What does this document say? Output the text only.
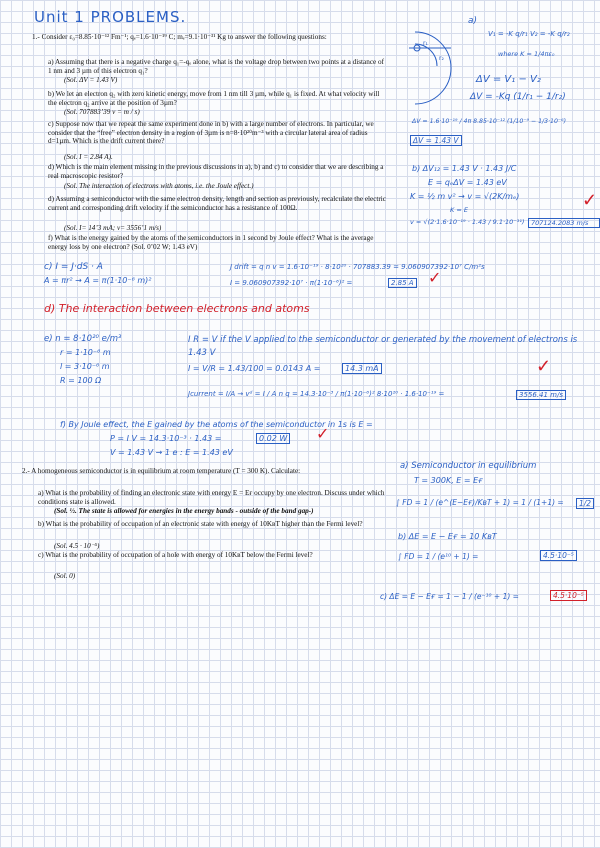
Unit 1 PROBLEMS.
1.- Consider ε₀=8.85·10⁻¹² Fm⁻¹; qₑ=1.6·10⁻¹⁹ C; mₑ=9.1·10⁻³¹ Kg to answer the following questions:
a) Assuming that there is a negative charge q₁=-qₑ alone, what is the voltage drop between two points at a distance of 1 nm and 3 µm of this electron q₁?
(Sol. ΔV = 1.43 V)
b) We let an electron q₂ with zero kinetic energy, move from 1 nm till 3 µm, while q₁ is fixed. At what velocity will the electron q₂ arrive at the position of 3µm?
(Sol. 707883’39 v = m / s)
c) Suppose now that we repeat the same experiment done in b) with a large number of electrons. In particular, we consider that the “free” electron density in a region of 3µm is n=8·10²⁰m⁻³ with a circular lateral area of radius d=1µm. Which is the drift current there?
(Sol. I = 2.84 A).
d) Which is the main element missing in the previous discussions in a), b) and c) to consider that we are describing a real macroscopic resistor?
(Sol. The interaction of electrons with atoms, i.e. the Joule effect.)
d) Assuming a semiconductor with the same electron density, length and section as previously, recalculate the electric current and corresponding drift velocity if the semiconductor has a resistance of 100Ω.
(Sol. I= 14’3 mA; v= 3556’1 m/s)
f) What is the energy gained by the atoms of the semiconductors in 1 second by Joule effect? What is the average energy loss by one electron? (Sol. 0’02 W; 1.43 eV)
a)
r₁
r₂
V₁ = -K q/r₁ V₂ = -K q/r₂
where K = 1/4πε₀
ΔV = V₁ − V₂
ΔV = -Kq (1/r₁ − 1/r₂)
ΔV = 1.6·10⁻¹⁹ / 4π 8.85·10⁻¹² (1/10⁻⁹ − 1/3·10⁻⁶)
ΔV = 1.43 V
b) ΔV₁₂ = 1.43 V · 1.43 J/C
E = qₑΔV = 1.43 eV
K = ½ m v² → v = √(2K/mₑ)
K = E
v = √(2·1.6·10⁻¹⁹ · 1.43 / 9.1·10⁻³¹)	707124.2083 m/s
✓
c) I = J·dS · A
A = πr² → A = π(1·10⁻⁶ m)²
J drift = q n v = 1.6·10⁻¹⁹ · 8·10²⁰ · 707883.39 = 9.060907392·10⁷ C/m²s
I = 9.060907392·10⁷ · π(1·10⁻⁶)² =	2.85 A ✓
d) The interaction between electrons and atoms
e) n = 8·10²⁰ e/m³
r = 1·10⁻⁶ m
l = 3·10⁻⁶ m
R = 100 Ω
I R = V if the V applied to the semiconductor or generated by the movement of electrons is 1.43 V
I = V/R = 1.43/100 = 0.0143 A =	14.3 mA	✓
Jcurrent = I/A → vᵈ = I / A n q = 14.3·10⁻³ / π(1·10⁻⁶)² 8·10²⁰ · 1.6·10⁻¹⁹ =	3556.41 m/s
f) By Joule effect, the E gained by the atoms of the semiconductor in 1s is E =
P = I V = 14.3·10⁻³ · 1.43 =	0.02 W
V = 1.43 V → 1 e : E = 1.43 eV
✓
2.- A homogeneous semiconductor is in equilibrium at room temperature (T = 300 K). Calculate:
a) What is the probability of finding an electronic state with energy E = Eғ occupy by one electron. Discuss under which conditions state is allowed.
(Sol. ½. The state is allowed for energies in the energy bands - outside of the band gap-)
b) What is the probability of occupation of an electronic state with energy of 10KʙT higher than the Fermi level?
(Sol. 4.5 · 10⁻⁵)
c) What is the probability of occupation of a hole with energy of 10KʙT below the Fermi level?
(Sol. 0)
a) Semiconductor in equilibrium
T = 300K, E = Eғ
∫ FD = 1 / (e^(E−Eғ)/KʙT + 1) = 1 / (1+1) =	1/2
b) ΔE = E − Eғ = 10 KʙT
∫ FD = 1 / (e¹⁰ + 1) =	4.5·10⁻⁵
c) ΔE = E − Eғ = 1 − 1 / (e⁻¹⁰ + 1) =	4.5·10⁻⁵
